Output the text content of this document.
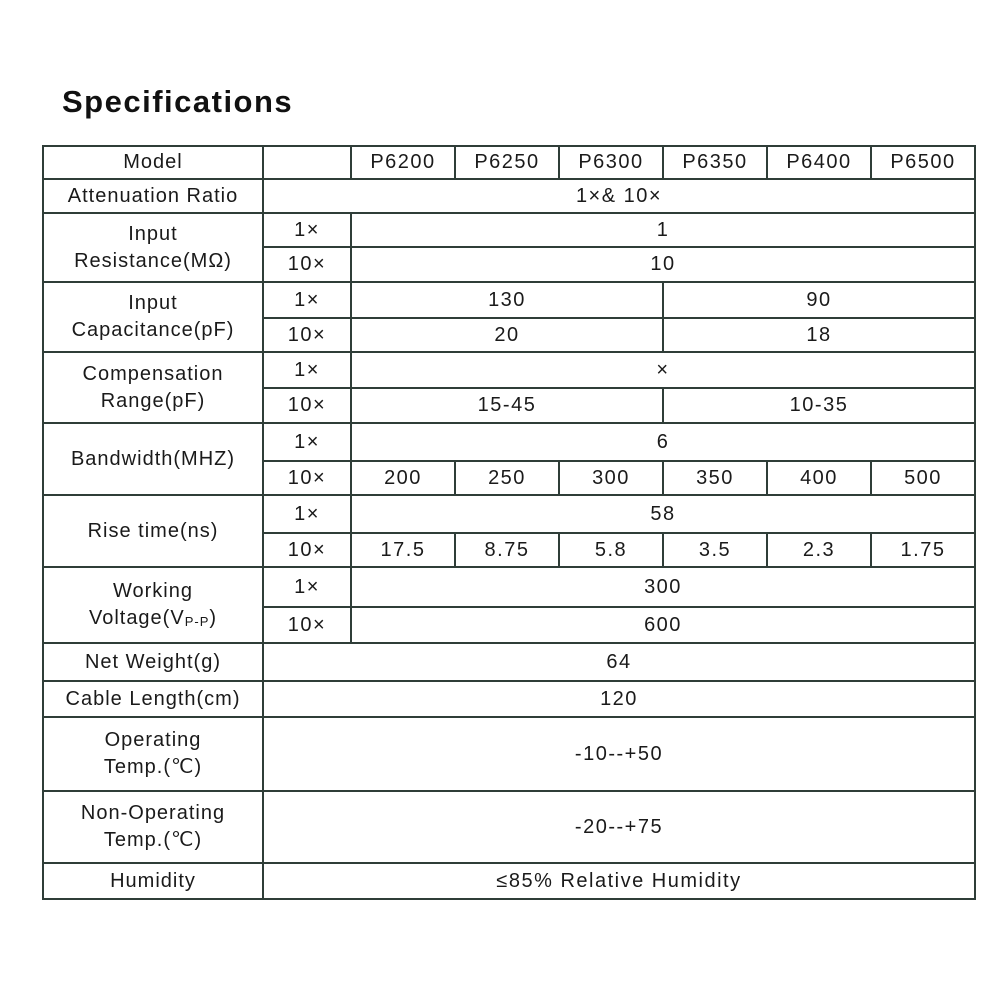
Specifications
Model		P6200	P6250	P6300	P6350	P6400	P6500
Attenuation Ratio	1×& 10×						

Input
Resistance(MΩ)	1×	1					
	10×	10					

Input
Capacitance(pF)	1×	130			90		
	10×	20			18		

Compensation
Range(pF)	1×	×					
	10×	15-45			10-35		
Bandwidth(MHZ)	1×	6					
	10×	200	250	300	350	400	500
Rise time(ns)	1×	58					
	10×	17.5	8.75	5.8	3.5	2.3	1.75

Working
Voltage(VP-P)	1×	300					
	10×	600					
Net Weight(g)	64						
Cable Length(cm)	120						

Operating
Temp.(℃)	-10--+50						

Non-Operating
Temp.(℃)	-20--+75						
Humidity	≤85% Relative Humidity						
